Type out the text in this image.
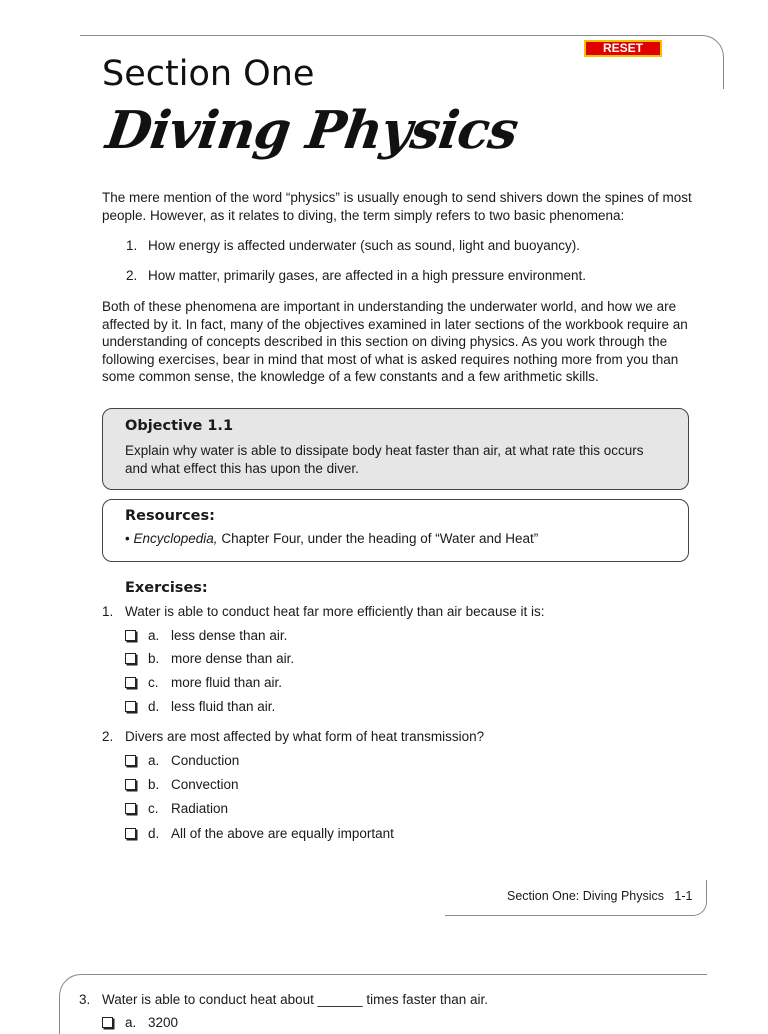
RESET
Section One
Diving Physics

The mere mention of the word “physics” is usually enough to send shivers down the spines of most people. However, as it relates to diving, the term simply refers to two basic phenomena:

1. How energy is affected underwater (such as sound, light and buoyancy).
2. How matter, primarily gases, are affected in a high pressure environment.

Both of these phenomena are important in understanding the underwater world, and how we are affected by it. In fact, many of the objectives examined in later sections of the workbook require an understanding of concepts described in this section on diving physics. As you work through the following exercises, bear in mind that most of what is asked requires nothing more from you than some common sense, the knowledge of a few constants and a few arithmetic skills.

Objective 1.1

Explain why water is able to dissipate body heat faster than air, at what rate this occurs and what effect this has upon the diver.

Resources:

• Encyclopedia, Chapter Four, under the heading of “Water and Heat”

Exercises:
1. Water is able to conduct heat far more efficiently than air because it is:
a. less dense than air.
b. more dense than air.
c. more fluid than air.
d. less fluid than air.
2. Divers are most affected by what form of heat transmission?
a. Conduction
b. Convection
c. Radiation
d. All of the above are equally important
Section One: Diving Physics   1-1
3. Water is able to conduct heat about ______ times faster than air.
a. 3200
